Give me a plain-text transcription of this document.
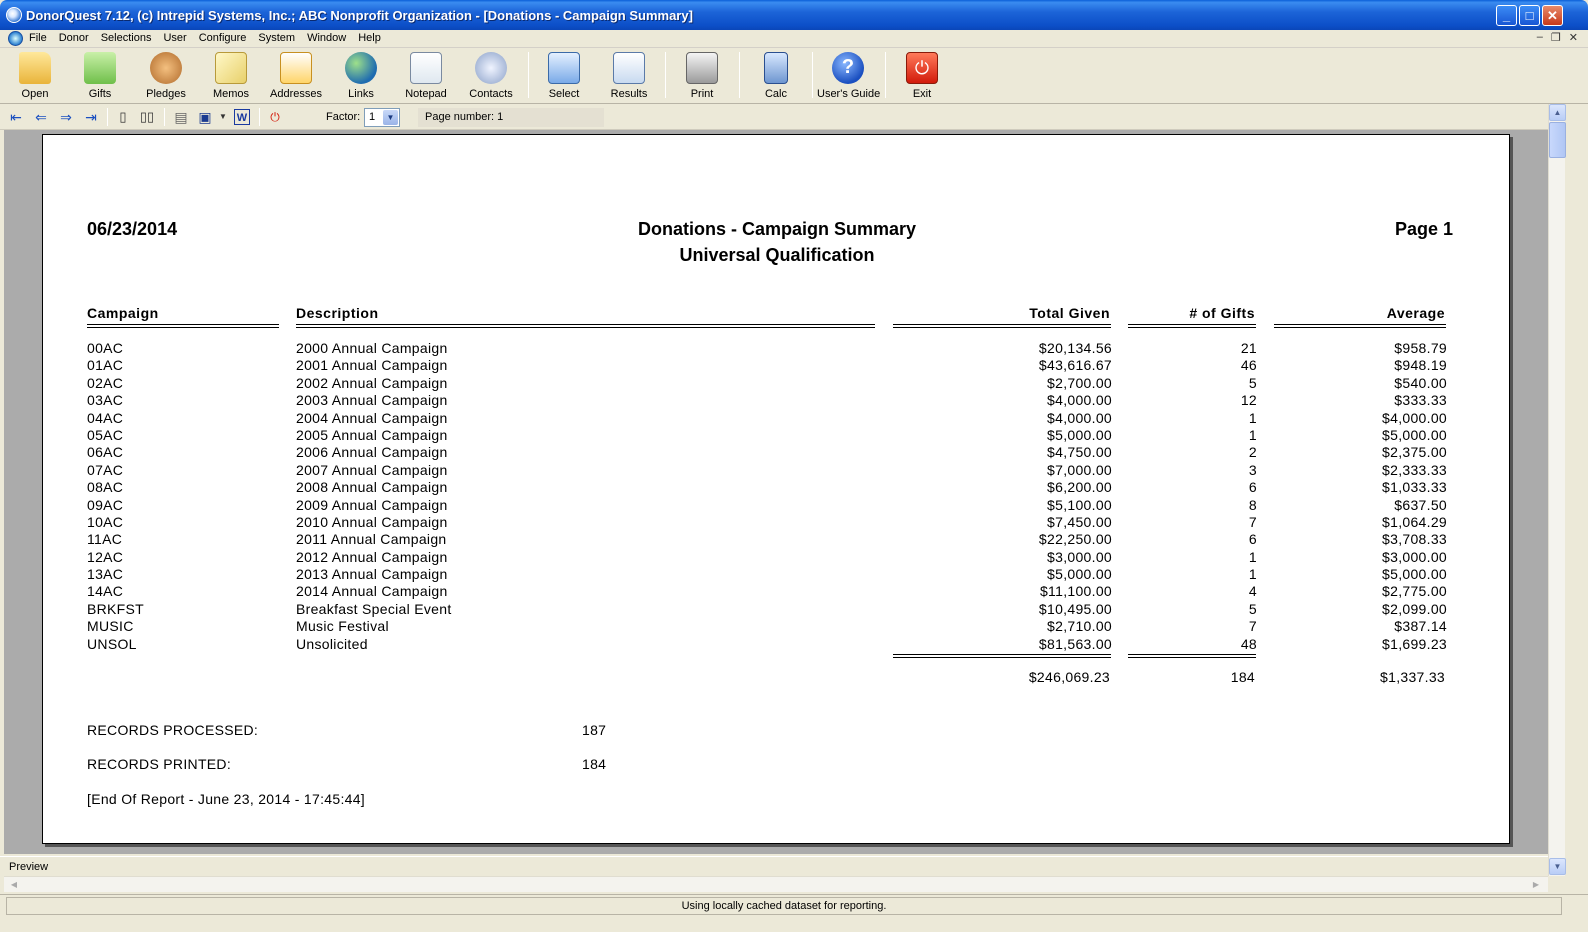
DonorQuest 7.12, (c) Intrepid Systems, Inc.; ABC Nonprofit Organization - [Donations - Campaign Summary]	_	□	✕
File	Donor	Selections	User	Configure	System	Window	Help	– ❐ ✕
Open	Gifts	Pledges	Memos	Addresses	Links	Notepad	Contacts	Select	Results	Print	Calc
?	User's Guide
⏻	Exit
⇤ ⇐ ⇒ ⇥	▯	▯▯ ▤ ▣ ▼ W ⏻	Factor: 1	▼	Page number: 1
06/23/2014	Donations - Campaign Summary
Universal Qualification
Page 1
Campaign	Description	Total Given	# of Gifts	Average
00AC	2000 Annual Campaign	$20,134.56	21	$958.79
01AC	2001 Annual Campaign	$43,616.67	46	$948.19
02AC	2002 Annual Campaign	$2,700.00	5	$540.00
03AC	2003 Annual Campaign	$4,000.00	12	$333.33
04AC	2004 Annual Campaign	$4,000.00	1	$4,000.00
05AC	2005 Annual Campaign	$5,000.00	1	$5,000.00
06AC	2006 Annual Campaign	$4,750.00	2	$2,375.00
07AC	2007 Annual Campaign	$7,000.00	3	$2,333.33
08AC	2008 Annual Campaign	$6,200.00	6	$1,033.33
09AC	2009 Annual Campaign	$5,100.00	8	$637.50
10AC	2010 Annual Campaign	$7,450.00	7	$1,064.29
11AC	2011 Annual Campaign	$22,250.00	6	$3,708.33
12AC	2012 Annual Campaign	$3,000.00	1	$3,000.00
13AC	2013 Annual Campaign	$5,000.00	1	$5,000.00
14AC	2014 Annual Campaign	$11,100.00	4	$2,775.00
BRKFST	Breakfast Special Event	$10,495.00	5	$2,099.00
MUSIC	Music Festival	$2,710.00	7	$387.14
UNSOL	Unsolicited	$81,563.00	48	$1,699.23
$246,069.23	184	$1,337.33
RECORDS PROCESSED:	187
RECORDS PRINTED:	184
[End Of Report - June 23, 2014 - 17:45:44]
▲
▼
Preview
◀	▶
Using locally cached dataset for reporting.
